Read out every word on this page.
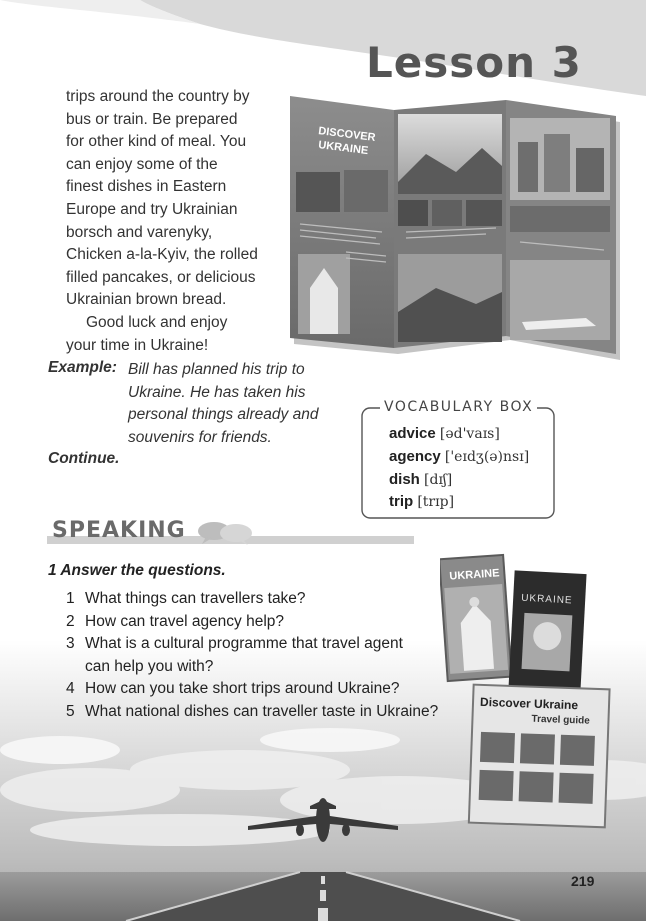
Lesson 3

trips around the country by

bus or train. Be prepared

for other kind of meal. You

can enjoy some of the

finest dishes in Eastern

Europe and try Ukrainian

borsch and varenyky,

Chicken a-la-Kyiv, the rolled

filled pancakes, or delicious

Ukrainian brown bread.

Good luck and enjoy

your time in Ukraine!

Example: Bill has planned his trip to
Ukraine. He has taken his
personal things already and
souvenirs for friends.
Continue.
DISCOVER
UKRAINE
VOCABULARY BOX
advice [əd'vaɪs]
agency ['eɪdʒ(ə)nsɪ]
dish [dɪʃ]
trip [trɪp]
SPEAKING
1 Answer the questions.
1 What things can travellers take?
2 How can travel agency help?
3 What is a cultural programme that travel agent
can help you with?
4 How can you take short trips around Ukraine?
5 What national dishes can traveller taste in Ukraine?
UKRAINE
UKRAINE
Discover Ukraine
Travel guide
219
